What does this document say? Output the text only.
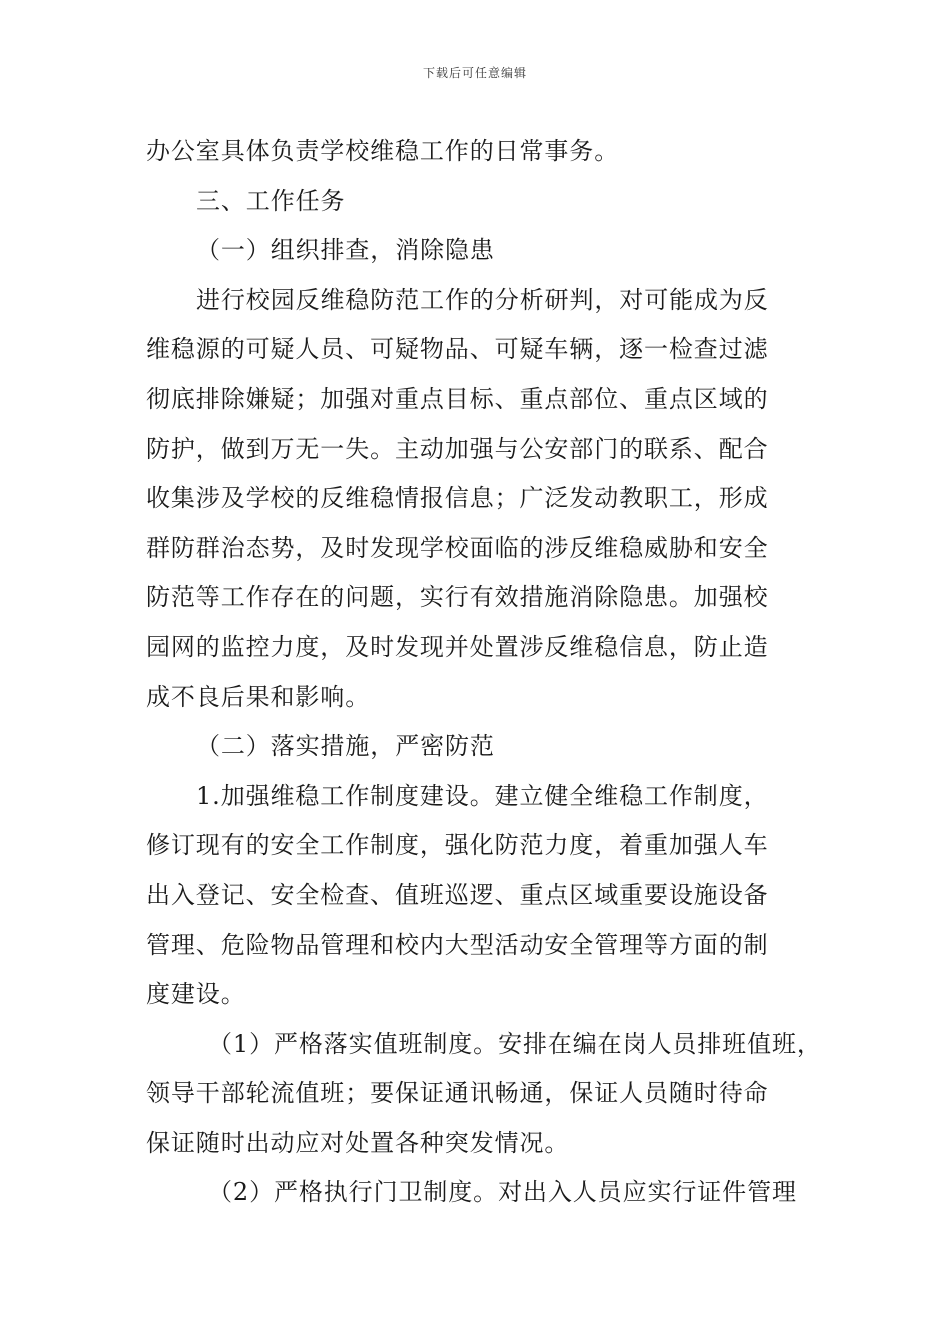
下载后可任意编辑
办公室具体负责学校维稳工作的日常事务。
三、工作任务
（一）组织排查，消除隐患
进行校园反维稳防范工作的分析研判，对可能成为反
维稳源的可疑人员、可疑物品、可疑车辆，逐一检查过滤
彻底排除嫌疑；加强对重点目标、重点部位、重点区域的
防护，做到万无一失。主动加强与公安部门的联系、配合
收集涉及学校的反维稳情报信息；广泛发动教职工，形成
群防群治态势，及时发现学校面临的涉反维稳威胁和安全
防范等工作存在的问题，实行有效措施消除隐患。加强校
园网的监控力度，及时发现并处置涉反维稳信息，防止造
成不良后果和影响。
（二）落实措施，严密防范
1.加强维稳工作制度建设。建立健全维稳工作制度，
修订现有的安全工作制度，强化防范力度，着重加强人车
出入登记、安全检查、值班巡逻、重点区域重要设施设备
管理、危险物品管理和校内大型活动安全管理等方面的制
度建设。
（1）严格落实值班制度。安排在编在岗人员排班值班，
领导干部轮流值班；要保证通讯畅通，保证人员随时待命
保证随时出动应对处置各种突发情况。
（2）严格执行门卫制度。对出入人员应实行证件管理
